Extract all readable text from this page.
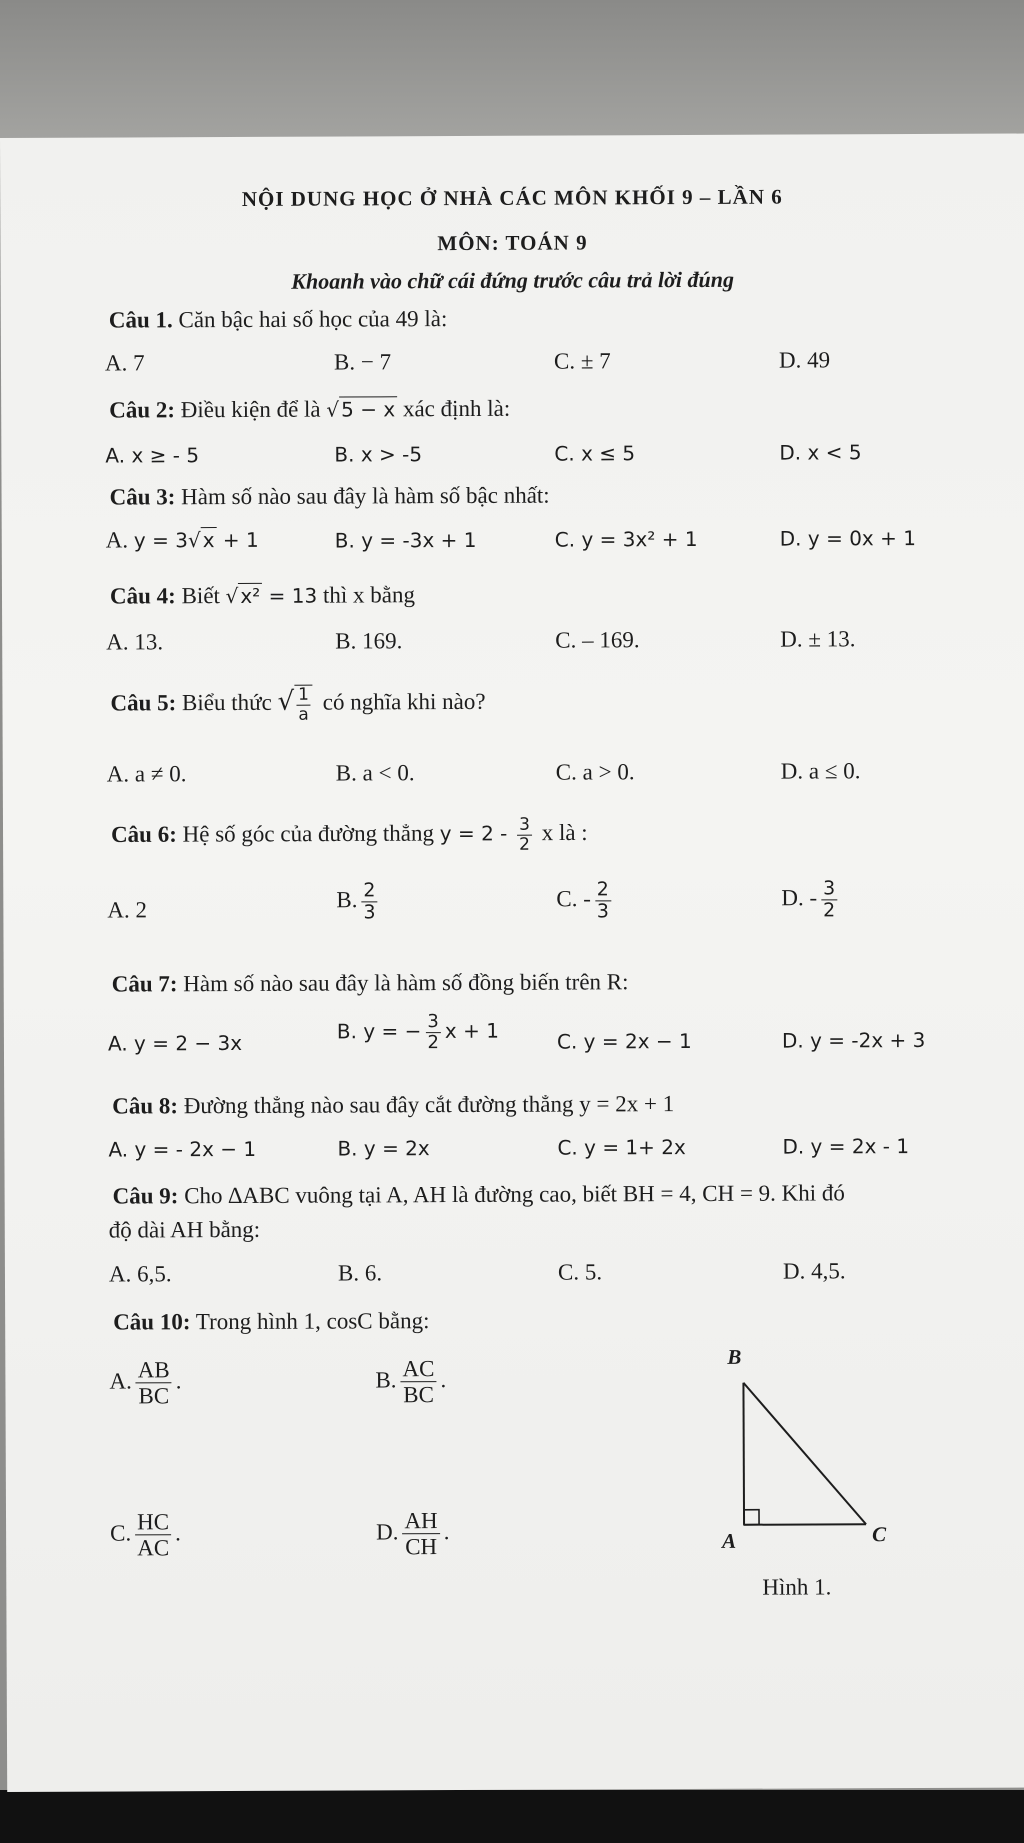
NỘI DUNG HỌC Ở NHÀ CÁC MÔN KHỐI 9 – LẦN 6
MÔN: TOÁN 9
Khoanh vào chữ cái đứng trước câu trả lời đúng
Câu 1. Căn bậc hai số học của 49 là:
A. 7	B. − 7	C. ± 7	D. 49
Câu 2: Điều kiện để là √5 − x xác định là:
A. x ≥ - 5	B. x > -5	C. x ≤ 5	D. x < 5
Câu 3: Hàm số nào sau đây là hàm số bậc nhất:
A. y = 3√x + 1	B. y = -3x + 1	C. y = 3x² + 1	D. y = 0x + 1
Câu 4: Biết √x² = 13 thì x bằng
A. 13.	B. 169.	C. – 169.	D. ± 13.
Câu 5: Biểu thức √ $\frac{1}{a}$ có nghĩa khi nào?
A. a ≠ 0.	B. a < 0.	C. a > 0.	D. a ≤ 0.
Câu 6: Hệ số góc của đường thẳng $y = 2 - \frac{3}{2}$ x là :
A. 2	B. $\frac{2}{3}$	C. - $\frac{2}{3}$	D. - $\frac{3}{2}$
Câu 7: Hàm số nào sau đây là hàm số đồng biến trên R:
A. y = 2 − 3x	B. y = − $\frac{3}{2}$ x + 1	C. y = 2x − 1	D. y = -2x + 3
Câu 8: Đường thẳng nào sau đây cắt đường thẳng y = 2x + 1
A. y = - 2x − 1	B. y = 2x	C. y = 1+ 2x	D. y = 2x - 1
Câu 9: Cho ∆ABC vuông tại A, AH là đường cao, biết BH = 4, CH = 9. Khi đó
độ dài AH bằng:
A. 6,5.	B. 6.	C. 5.	D. 4,5.
Câu 10: Trong hình 1, cosC bằng:
A. $\frac{AB}{BC}$ .	B. $\frac{AC}{BC}$ .
C. $\frac{HC}{AC}$ .	D. $\frac{AH}{CH}$ .
B
A	C
Hình 1.
